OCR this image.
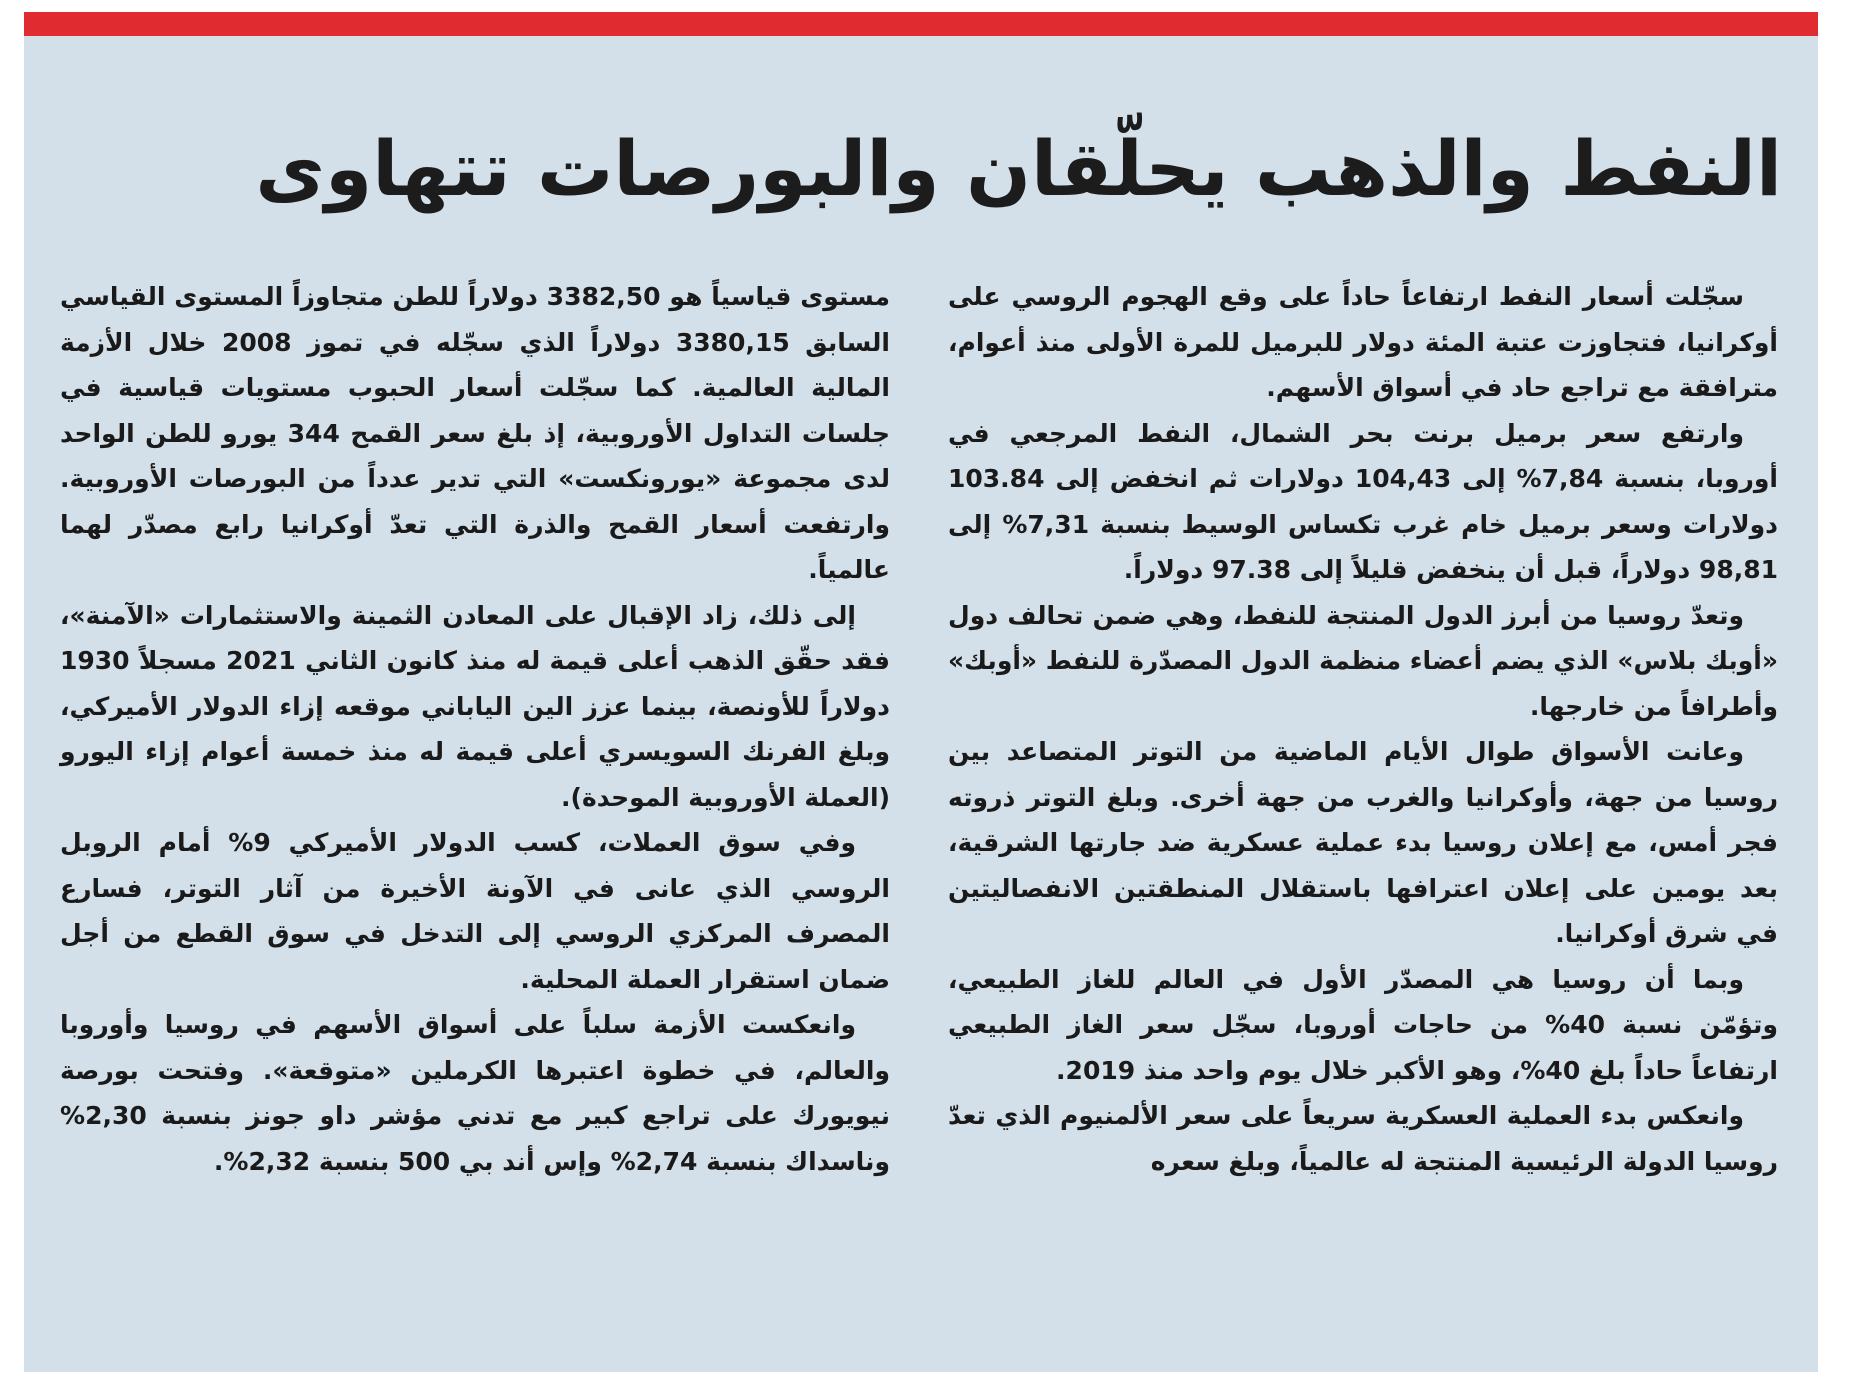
النفط والذهب يحلّقان والبورصات تتهاوى

سجّلت أسعار النفط ارتفاعاً حاداً على وقع الهجوم الروسي على أوكرانيا، فتجاوزت عتبة المئة دولار للبرميل للمرة الأولى منذ أعوام، مترافقة مع تراجع حاد في أسواق الأسهم.

وارتفع سعر برميل برنت بحر الشمال، النفط المرجعي في أوروبا، بنسبة 7,84% إلى 104,43 دولارات ثم انخفض إلى 103.84 دولارات وسعر برميل خام غرب تكساس الوسيط بنسبة 7,31% إلى 98,81 دولاراً، قبل أن ينخفض قليلاً إلى 97.38 دولاراً.

وتعدّ روسيا من أبرز الدول المنتجة للنفط، وهي ضمن تحالف دول «أوبك بلاس» الذي يضم أعضاء منظمة الدول المصدّرة للنفط «أوبك» وأطرافاً من خارجها.

وعانت الأسواق طوال الأيام الماضية من التوتر المتصاعد بين روسيا من جهة، وأوكرانيا والغرب من جهة أخرى. وبلغ التوتر ذروته فجر أمس، مع إعلان روسيا بدء عملية عسكرية ضد جارتها الشرقية، بعد يومين على إعلان اعترافها باستقلال المنطقتين الانفصاليتين في شرق أوكرانيا.

وبما أن روسيا هي المصدّر الأول في العالم للغاز الطبيعي، وتؤمّن نسبة 40% من حاجات أوروبا، سجّل سعر الغاز الطبيعي ارتفاعاً حاداً بلغ 40%، وهو الأكبر خلال يوم واحد منذ 2019.

وانعكس بدء العملية العسكرية سريعاً على سعر الألمنيوم الذي تعدّ روسيا الدولة الرئيسية المنتجة له عالمياً، وبلغ سعره

مستوى قياسياً هو 3382,50 دولاراً للطن متجاوزاً المستوى القياسي السابق 3380,15 دولاراً الذي سجّله في تموز 2008 خلال الأزمة المالية العالمية. كما سجّلت أسعار الحبوب مستويات قياسية في جلسات التداول الأوروبية، إذ بلغ سعر القمح 344 يورو للطن الواحد لدى مجموعة «يورونكست» التي تدير عدداً من البورصات الأوروبية. وارتفعت أسعار القمح والذرة التي تعدّ أوكرانيا رابع مصدّر لهما عالمياً.

إلى ذلك، زاد الإقبال على المعادن الثمينة والاستثمارات «الآمنة»، فقد حقّق الذهب أعلى قيمة له منذ كانون الثاني 2021 مسجلاً 1930 دولاراً للأونصة، بينما عزز الين الياباني موقعه إزاء الدولار الأميركي، وبلغ الفرنك السويسري أعلى قيمة له منذ خمسة أعوام إزاء اليورو (العملة الأوروبية الموحدة).

وفي سوق العملات، كسب الدولار الأميركي 9% أمام الروبل الروسي الذي عانى في الآونة الأخيرة من آثار التوتر، فسارع المصرف المركزي الروسي إلى التدخل في سوق القطع من أجل ضمان استقرار العملة المحلية.

وانعكست الأزمة سلباً على أسواق الأسهم في روسيا وأوروبا والعالم، في خطوة اعتبرها الكرملين «متوقعة». وفتحت بورصة نيويورك على تراجع كبير مع تدني مؤشر داو جونز بنسبة 2,30% وناسداك بنسبة 2,74% وإس أند بي 500 بنسبة 2,32%.
